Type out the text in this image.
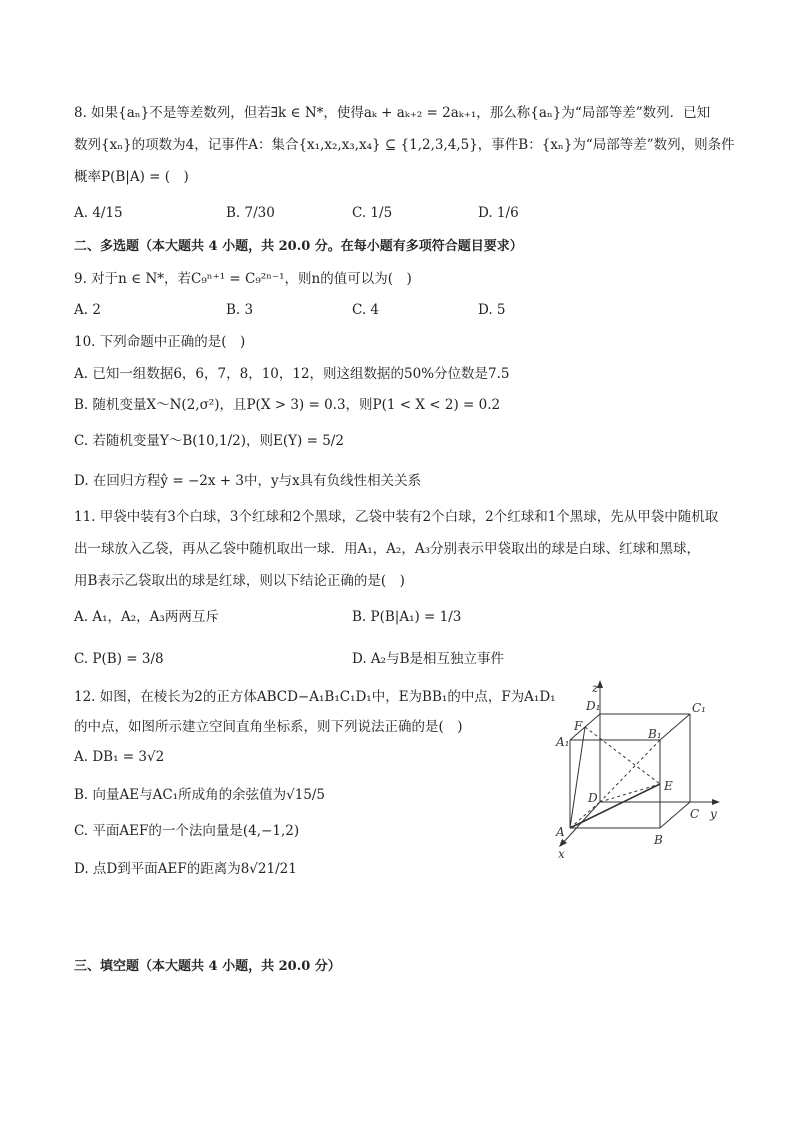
8. 如果{aₙ}不是等差数列，但若∃k ∈ N*，使得aₖ + aₖ₊₂ = 2aₖ₊₁，那么称{aₙ}为“局部等差”数列．已知
数列{xₙ}的项数为4，记事件A：集合{x₁,x₂,x₃,x₄} ⊆ {1,2,3,4,5}，事件B：{xₙ}为“局部等差”数列，则条件
概率P(B|A) = (　)
A. 4/15	B. 7/30	C. 1/5	D. 1/6
二、多选题（本大题共 4 小题，共 20.0 分。在每小题有多项符合题目要求）
9. 对于n ∈ N*，若C₉ⁿ⁺¹ = C₉²ⁿ⁻¹，则n的值可以为(　)
A. 2	B. 3	C. 4	D. 5
10. 下列命题中正确的是(　)
A. 已知一组数据6，6，7，8，10，12，则这组数据的50%分位数是7.5
B. 随机变量X～N(2,σ²)，且P(X > 3) = 0.3，则P(1 < X < 2) = 0.2
C. 若随机变量Y～B(10,1/2)，则E(Y) = 5/2
D. 在回归方程ŷ = −2x + 3中，y与x具有负线性相关关系
11. 甲袋中装有3个白球，3个红球和2个黑球，乙袋中装有2个白球，2个红球和1个黑球，先从甲袋中随机取
出一球放入乙袋，再从乙袋中随机取出一球．用A₁，A₂，A₃分别表示甲袋取出的球是白球、红球和黑球，
用B表示乙袋取出的球是红球，则以下结论正确的是(　)
A. A₁，A₂，A₃两两互斥	B. P(B|A₁) = 1/3
C. P(B) = 3/8	D. A₂与B是相互独立事件
12. 如图，在棱长为2的正方体ABCD−A₁B₁C₁D₁中，E为BB₁的中点，F为A₁D₁
的中点，如图所示建立空间直角坐标系，则下列说法正确的是(　)
A. DB₁ = 3√2
B. 向量AE与AC₁所成角的余弦值为√15/5
C. 平面AEF的一个法向量是(4,−1,2)
D. 点D到平面AEF的距离为8√21/21
z
y
x
A
B
C
D
A₁
B₁
C₁
D₁
E
F
三、填空题（本大题共 4 小题，共 20.0 分）
